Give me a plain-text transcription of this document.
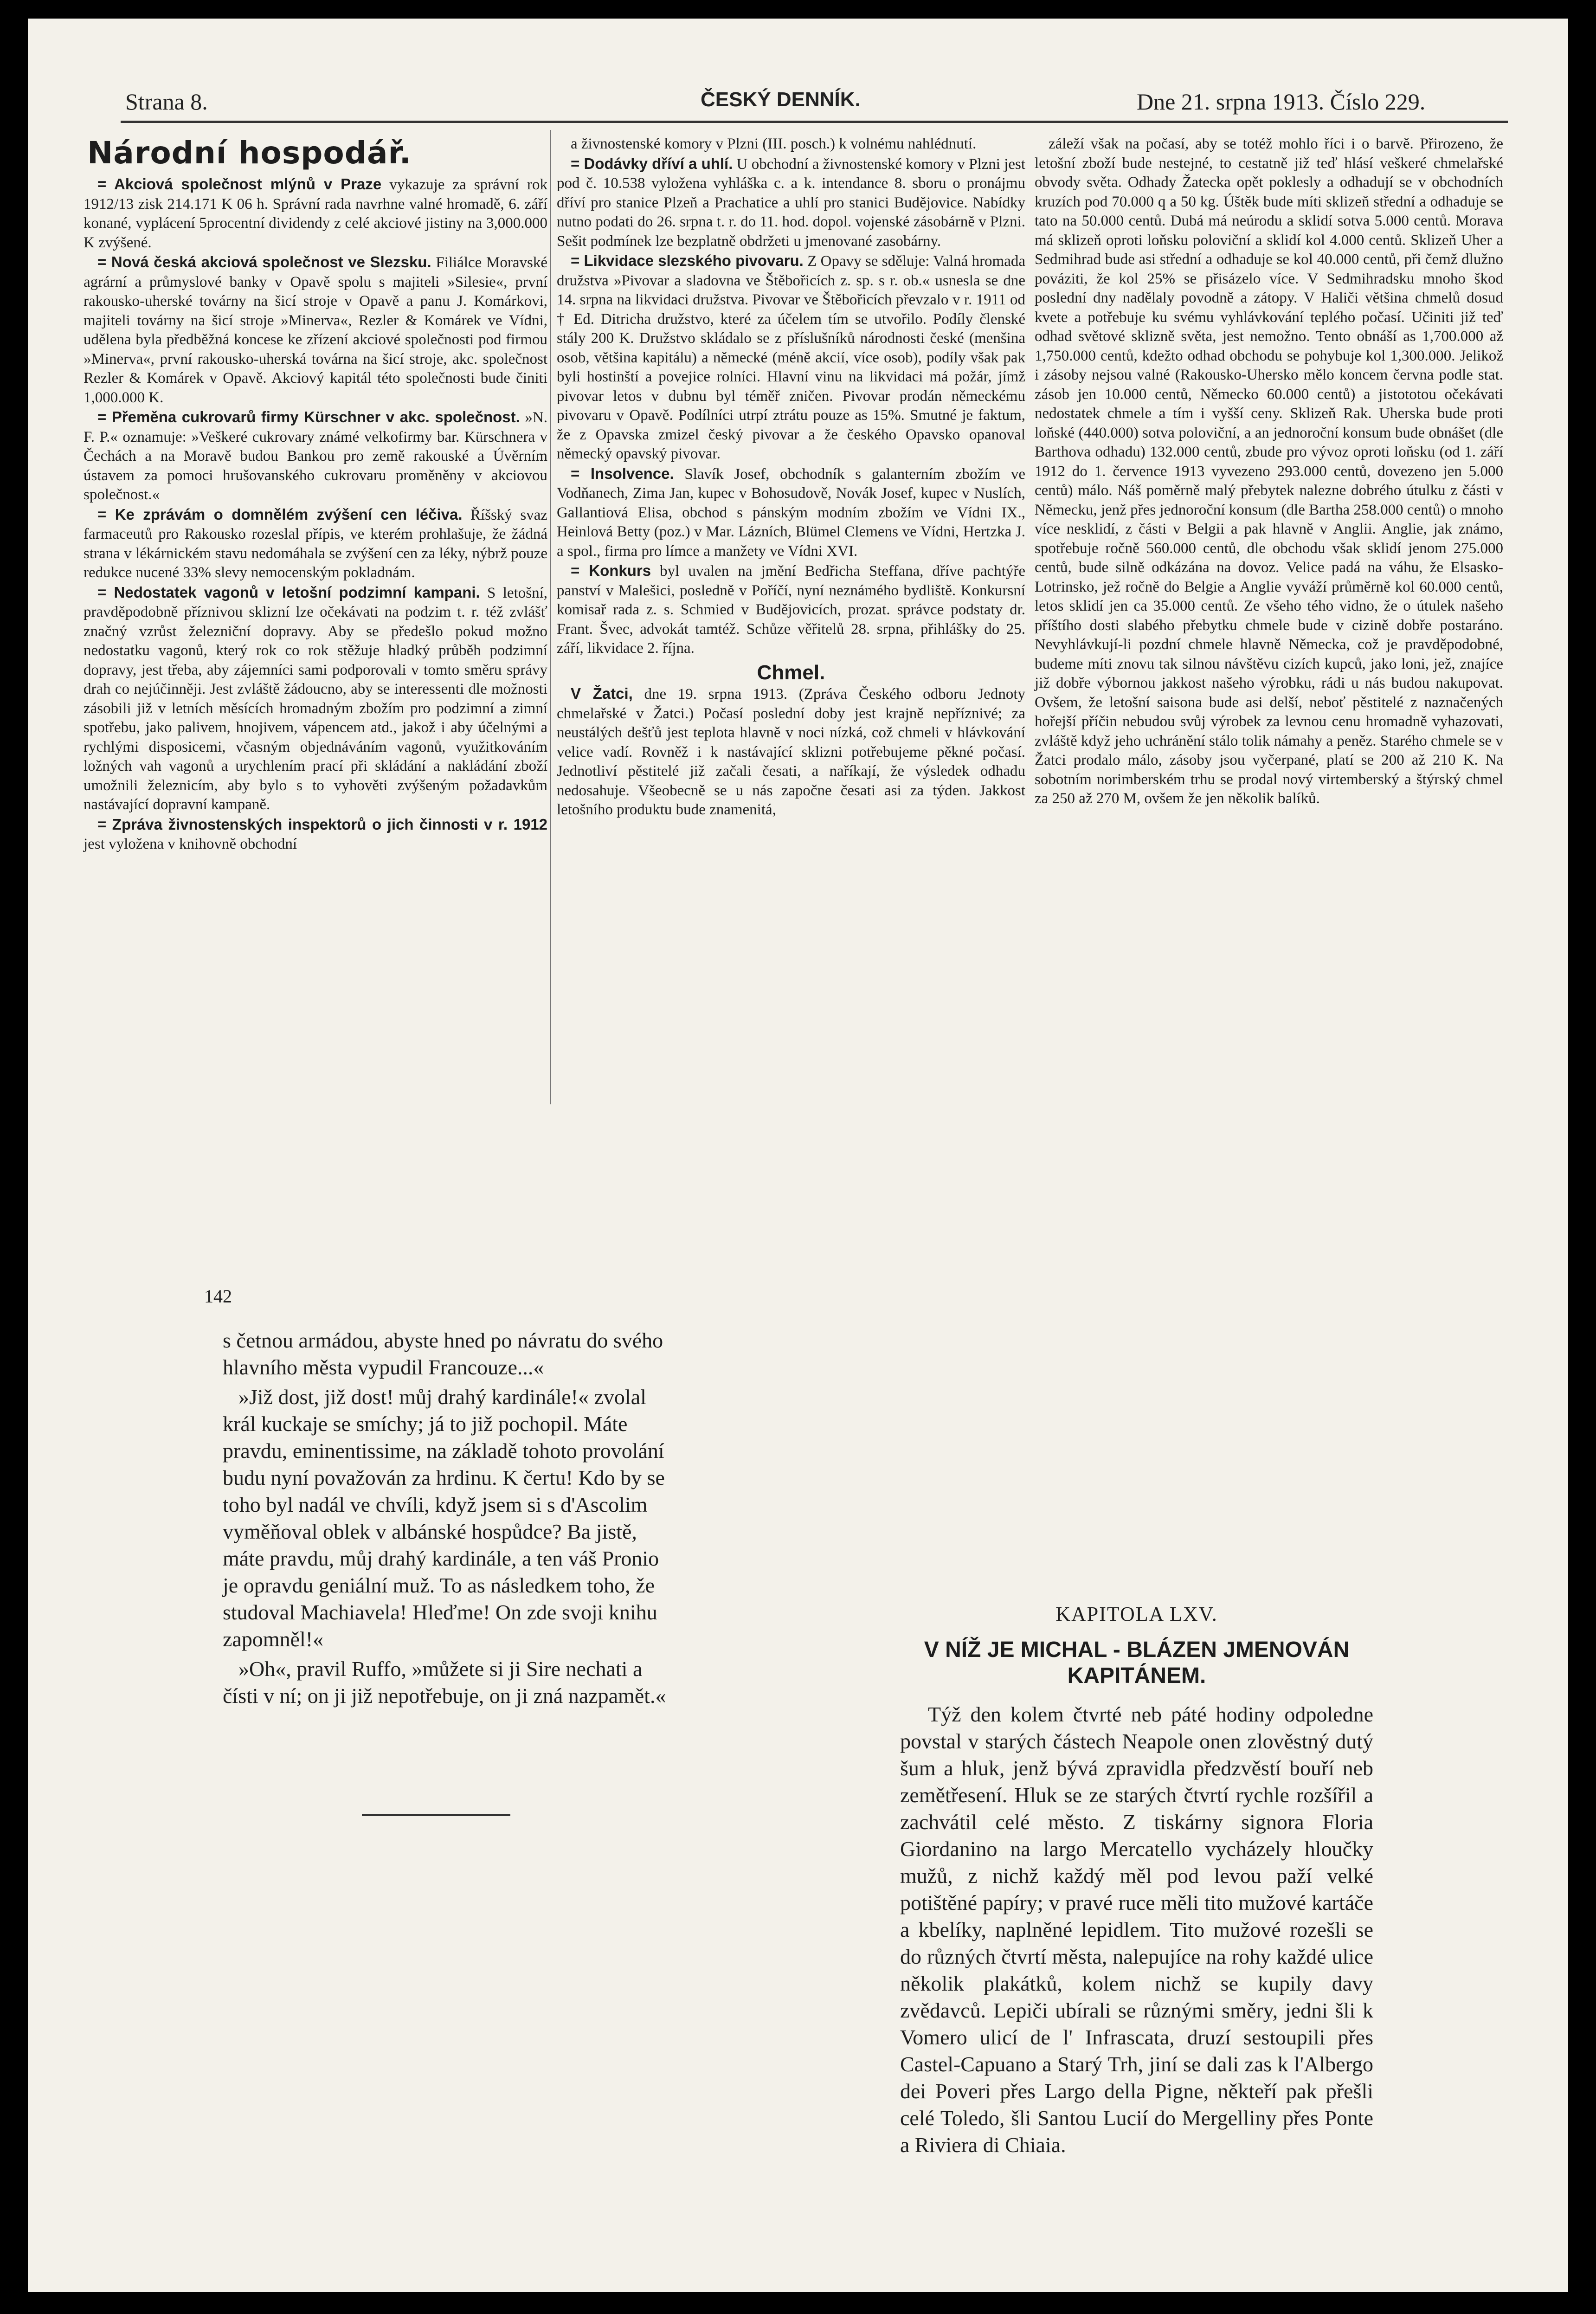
Strana 8.	ČESKÝ DENNÍK.	Dne 21. srpna 1913. Číslo 229.
Národní hospodář.

= Akciová společnost mlýnů v Praze vykazuje za správní rok 1912/13 zisk 214.171 K 06 h. Správní rada navrhne valné hromadě, 6. září konané, vyplácení 5procentní dividendy z celé akciové jistiny na 3,000.000 K zvýšené.

= Nová česká akciová společnost ve Slezsku. Filiálce Moravské agrární a průmyslové banky v Opavě spolu s majiteli »Silesie«, první rakousko-uherské továrny na šicí stroje v Opavě a panu J. Komárkovi, majiteli továrny na šicí stroje »Minerva«, Rezler & Komárek ve Vídni, udělena byla předběžná koncese ke zřízení akciové společnosti pod firmou »Minerva«, první rakousko-uherská továrna na šicí stroje, akc. společnost Rezler & Komárek v Opavě. Akciový kapitál této společnosti bude činiti 1,000.000 K.

= Přeměna cukrovarů firmy Kürschner v akc. společnost. »N. F. P.« oznamuje: »Veškeré cukrovary známé velkofirmy bar. Kürschnera v Čechách a na Moravě budou Bankou pro země rakouské a Úvěrním ústavem za pomoci hrušovanského cukrovaru proměněny v akciovou společnost.«

= Ke zprávám o domnělém zvýšení cen léčiva. Říšský svaz farmaceutů pro Rakousko rozeslal přípis, ve kterém prohlašuje, že žádná strana v lékárnickém stavu nedomáhala se zvýšení cen za léky, nýbrž pouze redukce nucené 33% slevy nemocenským pokladnám.

= Nedostatek vagonů v letošní podzimní kampani. S letošní, pravděpodobně příznivou sklizní lze očekávati na podzim t. r. též zvlášť značný vzrůst železniční dopravy. Aby se předešlo pokud možno nedostatku vagonů, který rok co rok stěžuje hladký průběh podzimní dopravy, jest třeba, aby zájemníci sami podporovali v tomto směru správy drah co nejúčinněji. Jest zvláště žádoucno, aby se interessenti dle možnosti zásobili již v letních měsících hromadným zbožím pro podzimní a zimní spotřebu, jako palivem, hnojivem, vápencem atd., jakož i aby účelnými a rychlými disposicemi, včasným objednáváním vagonů, využitkováním ložných vah vagonů a urychlením prací při skládání a nakládání zboží umožnili železnicím, aby bylo s to vyhověti zvýšeným požadavkům nastávající dopravní kampaně.

= Zpráva živnostenských inspektorů o jich činnosti v r. 1912 jest vyložena v knihovně obchodní

a živnostenské komory v Plzni (III. posch.) k volnému nahlédnutí.

= Dodávky dříví a uhlí. U obchodní a živnostenské komory v Plzni jest pod č. 10.538 vyložena vyhláška c. a k. intendance 8. sboru o pronájmu dříví pro stanice Plzeň a Prachatice a uhlí pro stanici Budějovice. Nabídky nutno podati do 26. srpna t. r. do 11. hod. dopol. vojenské zásobárně v Plzni. Sešit podmínek lze bezplatně obdržeti u jmenované zasobárny.

= Likvidace slezského pivovaru. Z Opavy se sděluje: Valná hromada družstva »Pivovar a sladovna ve Štěbořicích z. sp. s r. ob.« usnesla se dne 14. srpna na likvidaci družstva. Pivovar ve Štěbořicích převzalo v r. 1911 od † Ed. Ditricha družstvo, které za účelem tím se utvořilo. Podíly členské stály 200 K. Družstvo skládalo se z příslušníků národnosti české (menšina osob, většina kapitálu) a německé (méně akcií, více osob), podíly však pak byli hostinští a povejice rolníci. Hlavní vinu na likvidaci má požár, jímž pivovar letos v dubnu byl téměř zničen. Pivovar prodán německému pivovaru v Opavě. Podílníci utrpí ztrátu pouze as 15%. Smutné je faktum, že z Opavska zmizel český pivovar a že českého Opavsko opanoval německý opavský pivovar.

= Insolvence. Slavík Josef, obchodník s galanterním zbožím ve Vodňanech, Zima Jan, kupec v Bohosudově, Novák Josef, kupec v Nuslích, Gallantiová Elisa, obchod s pánským modním zbožím ve Vídni IX., Heinlová Betty (poz.) v Mar. Lázních, Blümel Clemens ve Vídni, Hertzka J. a spol., firma pro límce a manžety ve Vídni XVI.

= Konkurs byl uvalen na jmění Bedřicha Steffana, dříve pachtýře panství v Malešici, posledně v Poříčí, nyní neznámého bydliště. Konkursní komisař rada z. s. Schmied v Budějovicích, prozat. správce podstaty dr. Frant. Švec, advokát tamtéž. Schůze věřitelů 28. srpna, přihlášky do 25. září, likvidace 2. října.

Chmel.

V Žatci, dne 19. srpna 1913. (Zpráva Českého odboru Jednoty chmelařské v Žatci.) Počasí poslední doby jest krajně nepříznivé; za neustálých dešťů jest teplota hlavně v noci nízká, což chmeli v hlávkování velice vadí. Rovněž i k nastávající sklizni potřebujeme pěkné počasí. Jednotliví pěstitelé již začali česati, a naříkají, že výsledek odhadu nedosahuje. Všeobecně se u nás započne česati asi za týden. Jakkost letošního produktu bude znamenitá,

záleží však na počasí, aby se totéž mohlo říci i o barvě. Přirozeno, že letošní zboží bude nestejné, to cestatně již teď hlásí veškeré chmelařské obvody světa. Odhady Žatecka opět poklesly a odhadují se v obchodních kruzích pod 70.000 q a 50 kg. Úštěk bude míti sklizeň střední a odhaduje se tato na 50.000 centů. Dubá má neúrodu a sklidí sotva 5.000 centů. Morava má sklizeň oproti loňsku poloviční a sklidí kol 4.000 centů. Sklizeň Uher a Sedmihrad bude asi střední a odhaduje se kol 40.000 centů, při čemž dlužno pováziti, že kol 25% se přisázelo více. V Sedmihradsku mnoho škod poslední dny nadělaly povodně a zátopy. V Haliči většina chmelů dosud kvete a potřebuje ku svému vyhlávkování teplého počasí. Učiniti již teď odhad světové sklizně světa, jest nemožno. Tento obnáší as 1,700.000 až 1,750.000 centů, kdežto odhad obchodu se pohybuje kol 1,300.000. Jelikož i zásoby nejsou valné (Rakousko-Uhersko mělo koncem června podle stat. zásob jen 10.000 centů, Německo 60.000 centů) a jistototou očekávati nedostatek chmele a tím i vyšší ceny. Sklizeň Rak. Uherska bude proti loňské (440.000) sotva poloviční, a an jednoroční konsum bude obnášet (dle Barthova odhadu) 132.000 centů, zbude pro vývoz oproti loňsku (od 1. září 1912 do 1. července 1913 vyvezeno 293.000 centů, dovezeno jen 5.000 centů) málo. Náš poměrně malý přebytek nalezne dobrého útulku z části v Německu, jenž přes jednoroční konsum (dle Bartha 258.000 centů) o mnoho více nesklidí, z části v Belgii a pak hlavně v Anglii. Anglie, jak známo, spotřebuje ročně 560.000 centů, dle obchodu však sklidí jenom 275.000 centů, bude silně odkázána na dovoz. Velice padá na váhu, že Elsasko-Lotrinsko, jež ročně do Belgie a Anglie vyváží průměrně kol 60.000 centů, letos sklidí jen ca 35.000 centů. Ze všeho tého vidno, že o útulek našeho příštího dosti slabého přebytku chmele bude v cizině dobře postaráno. Nevyhlávkují-li pozdní chmele hlavně Německa, což je pravděpodobné, budeme míti znovu tak silnou návštěvu cizích kupců, jako loni, jež, znajíce již dobře výbornou jakkost našeho výrobku, rádi u nás budou nakupovat. Ovšem, že letošní saisona bude asi delší, neboť pěstitelé z naznačených hořejší příčin nebudou svůj výrobek za levnou cenu hromadně vyhazovati, zvláště když jeho uchránění stálo tolik námahy a peněz. Starého chmele se v Žatci prodalo málo, zásoby jsou vyčerpané, platí se 200 až 210 K. Na sobotním norimberském trhu se prodal nový virtemberský a štýrský chmel za 250 až 270 M, ovšem že jen několik balíků.

142

s četnou armádou, abyste hned po návratu do svého hlavního města vypudil Francouze...«

»Již dost, již dost! můj drahý kardinále!« zvolal král kuckaje se smíchy; já to již pochopil. Máte pravdu, eminentissime, na základě tohoto provolání budu nyní považován za hrdinu. K čertu! Kdo by se toho byl nadál ve chvíli, když jsem si s d'Ascolim vyměňoval oblek v albánské hospůdce? Ba jistě, máte pravdu, můj drahý kardinále, a ten váš Pronio je opravdu geniální muž. To as následkem toho, že studoval Machiavela! Hleďme! On zde svoji knihu zapomněl!«

»Oh«, pravil Ruffo, »můžete si ji Sire nechati a čísti v ní; on ji již nepotřebuje, on ji zná nazpamět.«

KAPITOLA LXV.
V NÍŽ JE MICHAL - BLÁZEN JMENOVÁN KAPITÁNEM.

Týž den kolem čtvrté neb páté hodiny odpoledne povstal v starých částech Neapole onen zlověstný dutý šum a hluk, jenž bývá zpravidla předzvěstí bouří neb zemětřesení. Hluk se ze starých čtvrtí rychle rozšířil a zachvátil celé město. Z tiskárny signora Floria Giordanino na largo Mercatello vycházely hloučky mužů, z nichž každý měl pod levou paží velké potištěné papíry; v pravé ruce měli tito mužové kartáče a kbelíky, naplněné lepidlem. Tito mužové rozešli se do různých čtvrtí města, nalepujíce na rohy každé ulice několik plakátků, kolem nichž se kupily davy zvědavců. Lepiči ubírali se různými směry, jedni šli k Vomero ulicí de l' Infrascata, druzí sestoupili přes Castel-Capuano a Starý Trh, jiní se dali zas k l'Albergo dei Poveri přes Largo della Pigne, někteří pak přešli celé Toledo, šli Santou Lucií do Mergelliny přes Ponte a Riviera di Chiaia.
